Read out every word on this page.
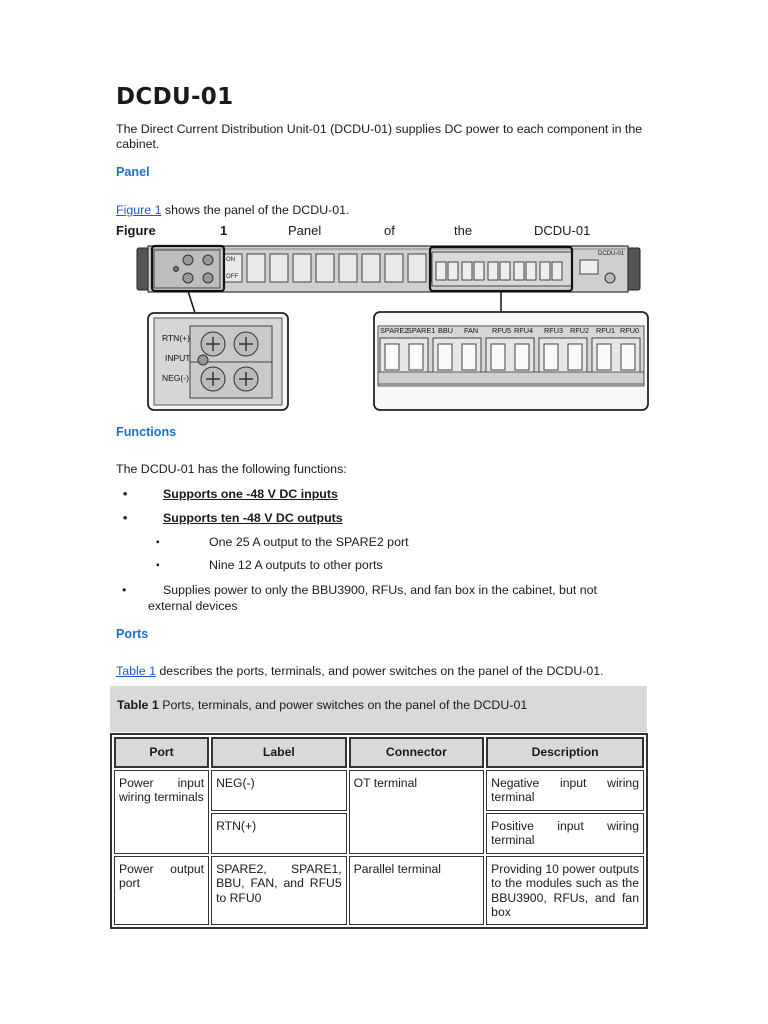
DCDU-01
The Direct Current Distribution Unit-01 (DCDU-01) supplies DC power to each component in the cabinet.
Panel
Figure 1 shows the panel of the DCDU-01.
Figure	1	Panel	of	the	DCDU-01
ON
OFF
DCDU-01
RTN(+)
INPUT
NEG(-)
SPARE2
SPARE1 BBU FAN RFU5 RFU4 RFU3 RFU2 RFU1 RFU0
Functions
The DCDU-01 has the following functions:
•	Supports one -48 V DC inputs
•	Supports ten -48 V DC outputs
▪	One 25 A output to the SPARE2 port
▪	Nine 12 A outputs to other ports
•	Supplies power to only the BBU3900, RFUs, and fan box in the cabinet, but not
external devices
Ports
Table 1 describes the ports, terminals, and power switches on the panel of the DCDU-01.
Table 1 Ports, terminals, and power switches on the panel of the DCDU-01
Port	Label	Connector	Description
Power input wiring terminals	NEG(-)	OT terminal	Negative input wiring terminal
	RTN(+)		Positive input wiring terminal
Power output port	SPARE2, SPARE1, BBU, FAN, and RFU5 to RFU0	Parallel terminal	Providing 10 power outputs to the modules such as the BBU3900, RFUs, and fan box
